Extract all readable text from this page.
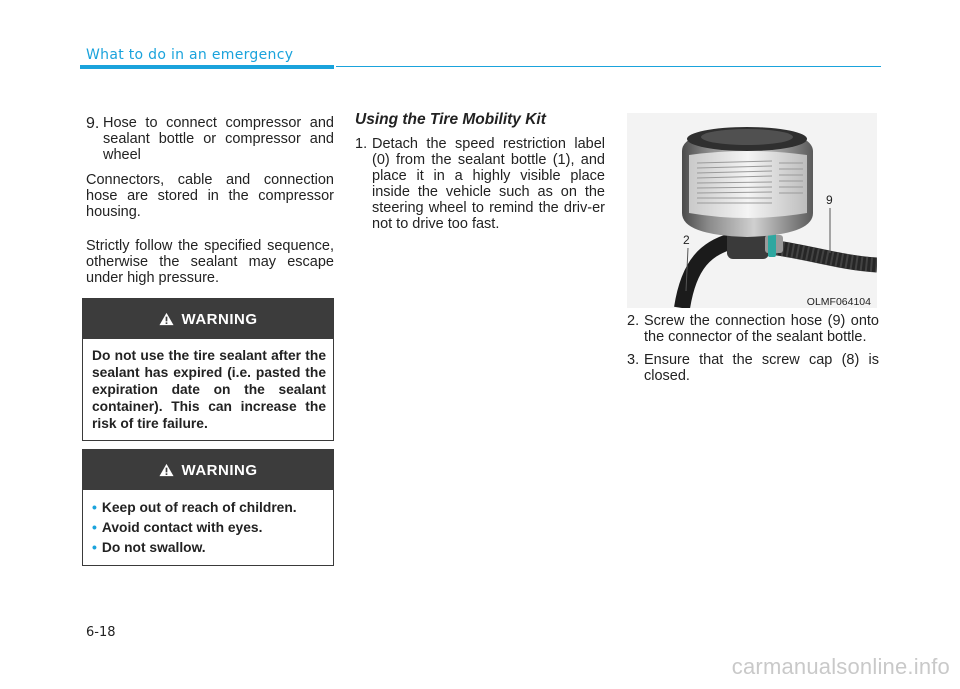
What to do in an emergency
9. Hose to connect compressor and sealant bottle or compressor and wheel

Connectors, cable and connection hose are stored in the compressor housing.

Strictly follow the specified sequence, otherwise the sealant may escape under high pressure.

WARNING
Do not use the tire sealant after the sealant has expired (i.e. pasted the expiration date on the sealant container). This can increase the risk of tire failure.
WARNING
• Keep out of reach of children.
• Avoid contact with eyes.
• Do not swallow.
Using the Tire Mobility Kit
1. Detach the speed restriction label (0) from the sealant bottle (1), and place it in a highly visible place inside the vehicle such as on the steering wheel to remind the driv-er not to drive too fast.
2
9
OLMF064104
2. Screw the connection hose (9) onto the connector of the sealant bottle.
3. Ensure that the screw cap (8) is closed.
6-18
carmanualsonline.info
